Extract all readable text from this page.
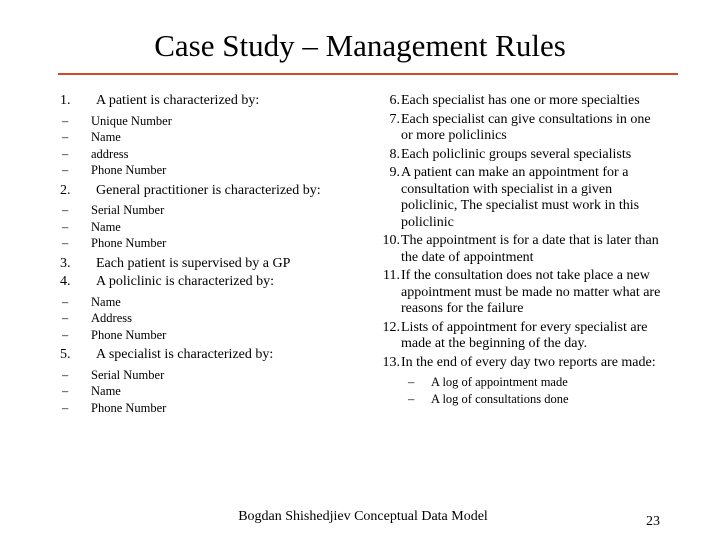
Case Study – Management Rules
1.	A patient is characterized by:
–	Unique Number
–	Name
–	address
–	Phone Number
2.	General practitioner is characterized by:
–	Serial Number
–	Name
–	Phone Number
3.	Each patient is supervised by a GP
4.	A policlinic is characterized by:
–	Name
–	Address
–	Phone Number
5.	A specialist is characterized by:
–	Serial Number
–	Name
–	Phone Number
6. Each specialist has one or more specialties
7. Each specialist can give consultations in one or more policlinics
8. Each policlinic groups several specialists
9. A patient can make an appointment for a consultation with specialist in a given policlinic, The specialist must work in this policlinic
10. The appointment is for a date that is later than the date of appointment
11. If the consultation does not take place a new appointment must be made no matter what are reasons for the failure
12. Lists of appointment for every specialist are made at the beginning of the day.
13. In the end of every day two reports are made:
–	A log of appointment made
–	A log of consultations done
Bogdan Shishedjiev Conceptual Data Model	23
